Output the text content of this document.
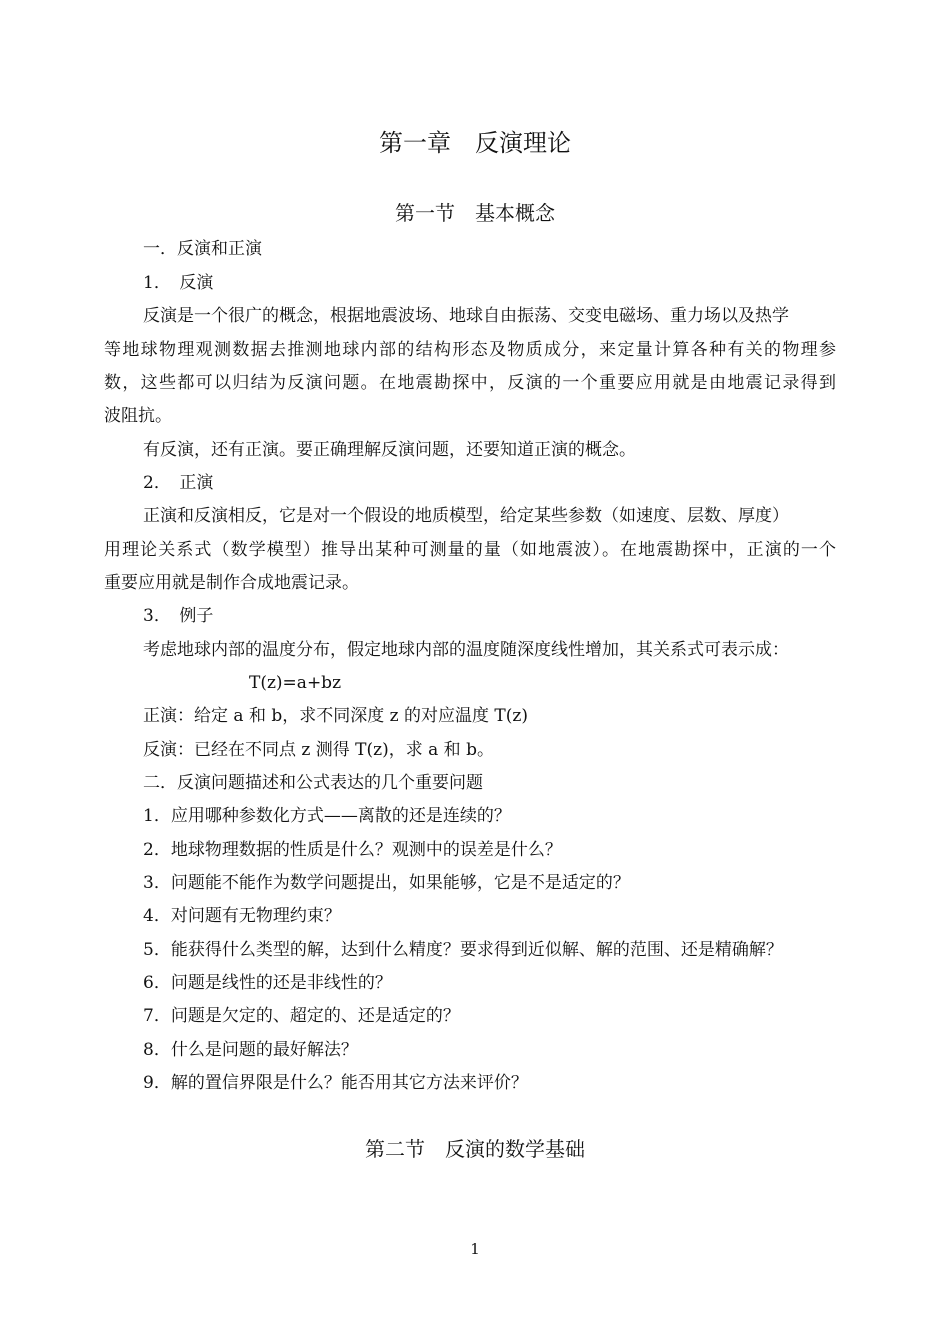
第一章　反演理论
第一节　基本概念
一．反演和正演
1．　反演
反演是一个很广的概念，根据地震波场、地球自由振荡、交变电磁场、重力场以及热学
等地球物理观测数据去推测地球内部的结构形态及物质成分，来定量计算各种有关的物理参
数，这些都可以归结为反演问题。在地震勘探中，反演的一个重要应用就是由地震记录得到
波阻抗。
有反演，还有正演。要正确理解反演问题，还要知道正演的概念。
2．　正演
正演和反演相反，它是对一个假设的地质模型，给定某些参数（如速度、层数、厚度）
用理论关系式（数学模型）推导出某种可测量的量（如地震波）。在地震勘探中，正演的一个
重要应用就是制作合成地震记录。
3．　例子
考虑地球内部的温度分布，假定地球内部的温度随深度线性增加，其关系式可表示成：
T(z)=a+bz
正演：给定 a 和 b，求不同深度 z 的对应温度 T(z)
反演：已经在不同点 z 测得 T(z)，求 a 和 b。
二．反演问题描述和公式表达的几个重要问题
1．应用哪种参数化方式——离散的还是连续的？
2．地球物理数据的性质是什么？观测中的误差是什么？
3．问题能不能作为数学问题提出，如果能够，它是不是适定的？
4．对问题有无物理约束？
5．能获得什么类型的解，达到什么精度？要求得到近似解、解的范围、还是精确解？
6．问题是线性的还是非线性的？
7．问题是欠定的、超定的、还是适定的？
8．什么是问题的最好解法？
9．解的置信界限是什么？能否用其它方法来评价？
第二节　反演的数学基础
1
